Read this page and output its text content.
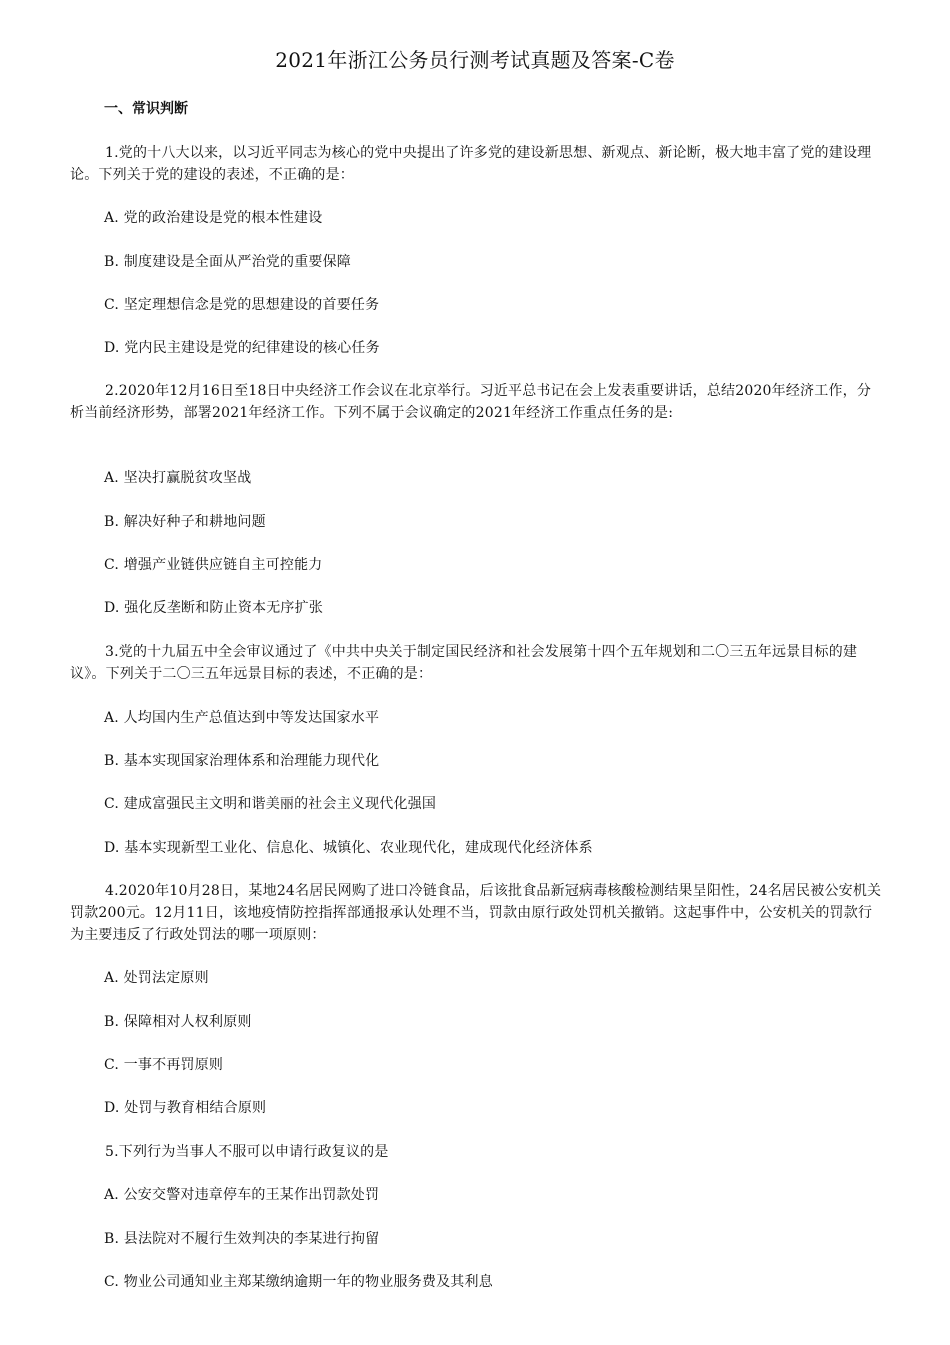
2021年浙江公务员行测考试真题及答案-C卷
一、常识判断
1.党的十八大以来，以习近平同志为核心的党中央提出了许多党的建设新思想、新观点、新论断，极大地丰富了党的建设理论。下列关于党的建设的表述，不正确的是：
A. 党的政治建设是党的根本性建设
B. 制度建设是全面从严治党的重要保障
C. 坚定理想信念是党的思想建设的首要任务
D. 党内民主建设是党的纪律建设的核心任务
2.2020年12月16日至18日中央经济工作会议在北京举行。习近平总书记在会上发表重要讲话，总结2020年经济工作，分析当前经济形势，部署2021年经济工作。下列不属于会议确定的2021年经济工作重点任务的是:
A. 坚决打赢脱贫攻坚战
B. 解决好种子和耕地问题
C. 增强产业链供应链自主可控能力
D. 强化反垄断和防止资本无序扩张
3.党的十九届五中全会审议通过了《中共中央关于制定国民经济和社会发展第十四个五年规划和二〇三五年远景目标的建议》。下列关于二〇三五年远景目标的表述，不正确的是：
A. 人均国内生产总值达到中等发达国家水平
B. 基本实现国家治理体系和治理能力现代化
C. 建成富强民主文明和谐美丽的社会主义现代化强国
D. 基本实现新型工业化、信息化、城镇化、农业现代化，建成现代化经济体系
4.2020年10月28日，某地24名居民网购了进口冷链食品，后该批食品新冠病毒核酸检测结果呈阳性，24名居民被公安机关罚款200元。12月11日，该地疫情防控指挥部通报承认处理不当，罚款由原行政处罚机关撤销。这起事件中，公安机关的罚款行为主要违反了行政处罚法的哪一项原则：
A. 处罚法定原则
B. 保障相对人权利原则
C. 一事不再罚原则
D. 处罚与教育相结合原则
5.下列行为当事人不服可以申请行政复议的是
A. 公安交警对违章停车的王某作出罚款处罚
B. 县法院对不履行生效判决的李某进行拘留
C. 物业公司通知业主郑某缴纳逾期一年的物业服务费及其利息
